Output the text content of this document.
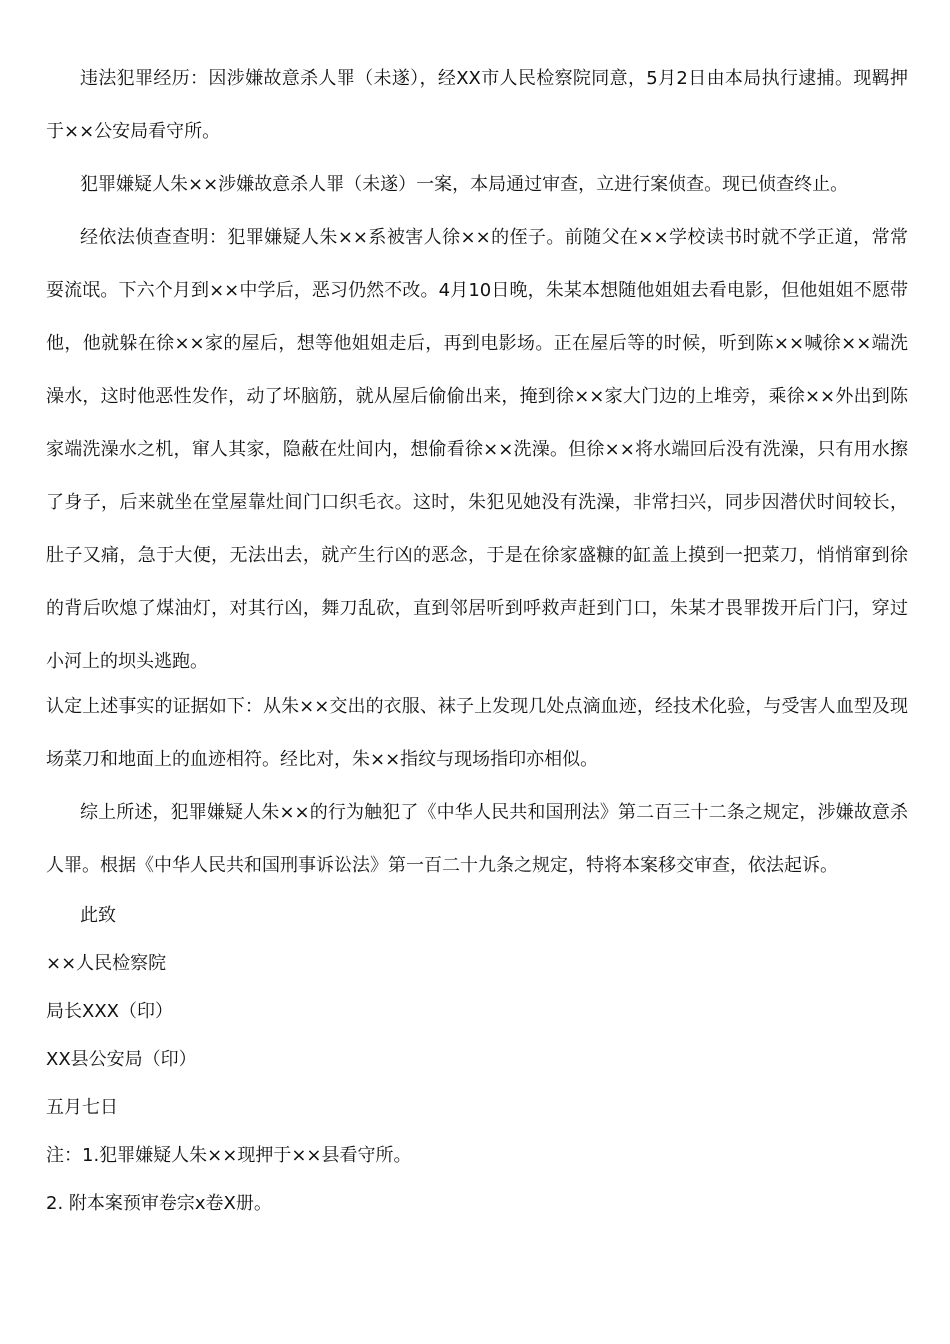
违法犯罪经历：因涉嫌故意杀人罪（未遂），经XX市人民检察院同意，5月2日由本局执行逮捕。现羁押于××公安局看守所。

犯罪嫌疑人朱××涉嫌故意杀人罪（未遂）一案，本局通过审查，立进行案侦查。现已侦查终止。

经依法侦查查明：犯罪嫌疑人朱××系被害人徐××的侄子。前随父在××学校读书时就不学正道，常常耍流氓。下六个月到××中学后，恶习仍然不改。4月10日晚，朱某本想随他姐姐去看电影，但他姐姐不愿带他，他就躲在徐××家的屋后，想等他姐姐走后，再到电影场。正在屋后等的时候，听到陈××喊徐××端洗澡水，这时他恶性发作，动了坏脑筋，就从屋后偷偷出来，掩到徐××家大门边的上堆旁，乘徐××外出到陈家端洗澡水之机，窜人其家，隐蔽在灶间内，想偷看徐××洗澡。但徐××将水端回后没有洗澡，只有用水擦了身子，后来就坐在堂屋靠灶间门口织毛衣。这时，朱犯见她没有洗澡，非常扫兴，同步因潜伏时间较长，肚子又痛，急于大便，无法出去，就产生行凶的恶念，于是在徐家盛糠的缸盖上摸到一把菜刀，悄悄窜到徐的背后吹熄了煤油灯，对其行凶，舞刀乱砍，直到邻居听到呼救声赶到门口，朱某才畏罪拨开后门闩，穿过小河上的坝头逃跑。

认定上述事实的证据如下：从朱××交出的衣服、袜子上发现几处点滴血迹，经技术化验，与受害人血型及现场菜刀和地面上的血迹相符。经比对，朱××指纹与现场指印亦相似。

综上所述，犯罪嫌疑人朱××的行为触犯了《中华人民共和国刑法》第二百三十二条之规定，涉嫌故意杀人罪。根据《中华人民共和国刑事诉讼法》第一百二十九条之规定，特将本案移交审查，依法起诉。

此致

××人民检察院

局长XXX（印）

XX县公安局（印）

五月七日

注：1.犯罪嫌疑人朱××现押于××县看守所。

2. 附本案预审卷宗x卷X册。
